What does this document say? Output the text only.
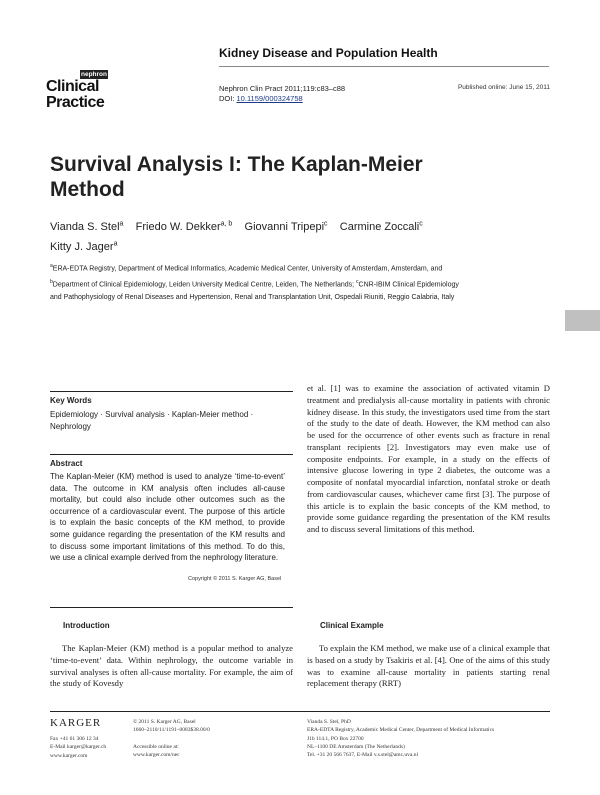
Kidney Disease and Population Health
nephron
Clinical
Practice
Nephron Clin Pract 2011;119:c83–c88
DOI: 10.1159/000324758
Published online: June 15, 2011
Survival Analysis I: The Kaplan-Meier
Method
Vianda S. Stel$^a$ Friedo W. Dekker$^{a, b}$ Giovanni Tripepi$^c$ Carmine Zoccali$^c$
Kitty J. Jager$^a$
$^a$ERA-EDTA Registry, Department of Medical Informatics, Academic Medical Center, University of Amsterdam, Amsterdam, and $^b$Department of Clinical Epidemiology, Leiden University Medical Centre, Leiden, The Netherlands; $^c$CNR-IBIM Clinical Epidemiology and Pathophysiology of Renal Diseases and Hypertension, Renal and Transplantation Unit, Ospedali Riuniti, Reggio Calabria, Italy
Key Words
Epidemiology · Survival analysis · Kaplan-Meier method · Nephrology
Abstract
The Kaplan-Meier (KM) method is used to analyze ‘time-to-event’ data. The outcome in KM analysis often includes all-cause mortality, but could also include other outcomes such as the occurrence of a cardiovascular event. The purpose of this article is to explain the basic concepts of the KM method, to provide some guidance regarding the presentation of the KM results and to discuss some important limitations of this method. To do this, we use a clinical example derived from the nephrology literature.
Copyright © 2011 S. Karger AG, Basel
et al. [1] was to examine the association of activated vitamin D treatment and predialysis all-cause mortality in patients with chronic kidney disease. In this study, the investigators used time from the start of the study to the date of death. However, the KM method can also be used for the occurrence of other events such as fracture in renal transplant recipients [2]. Investigators may even make use of composite endpoints. For example, in a study on the effects of intensive glucose lowering in type 2 diabetes, the outcome was a composite of nonfatal myocardial infarction, nonfatal stroke or death from cardiovascular causes, whichever came first [3]. The purpose of this article is to explain the basic concepts of the KM method, to provide some guidance regarding the presentation of the KM results and to discuss several limitations of this method.
Introduction
The Kaplan-Meier (KM) method is a popular method to analyze ‘time-to-event’ data. Within nephrology, the outcome variable in survival analyses is often all-cause mortality. For example, the aim of the study of Kovesdy
Clinical Example
To explain the KM method, we make use of a clinical example that is based on a study by Tsakiris et al. [4]. One of the aims of this study was to examine all-cause mortality in patients starting renal replacement therapy (RRT)
KARGER
Fax +41 61 306 12 34
E-Mail karger@karger.ch
www.karger.com
© 2011 S. Karger AG, Basel
1660–2110/11/1191–0083$38.00/0
Accessible online at:
www.karger.com/nec
Vianda S. Stel, PhD
ERA-EDTA Registry, Academic Medical Center, Department of Medical Informatics
J1b 114.1, PO Box 22700
NL–1100 DE Amsterdam (The Netherlands)
Tel. +31 20 566 7637, E-Mail v.s.stel@amc.uva.nl
